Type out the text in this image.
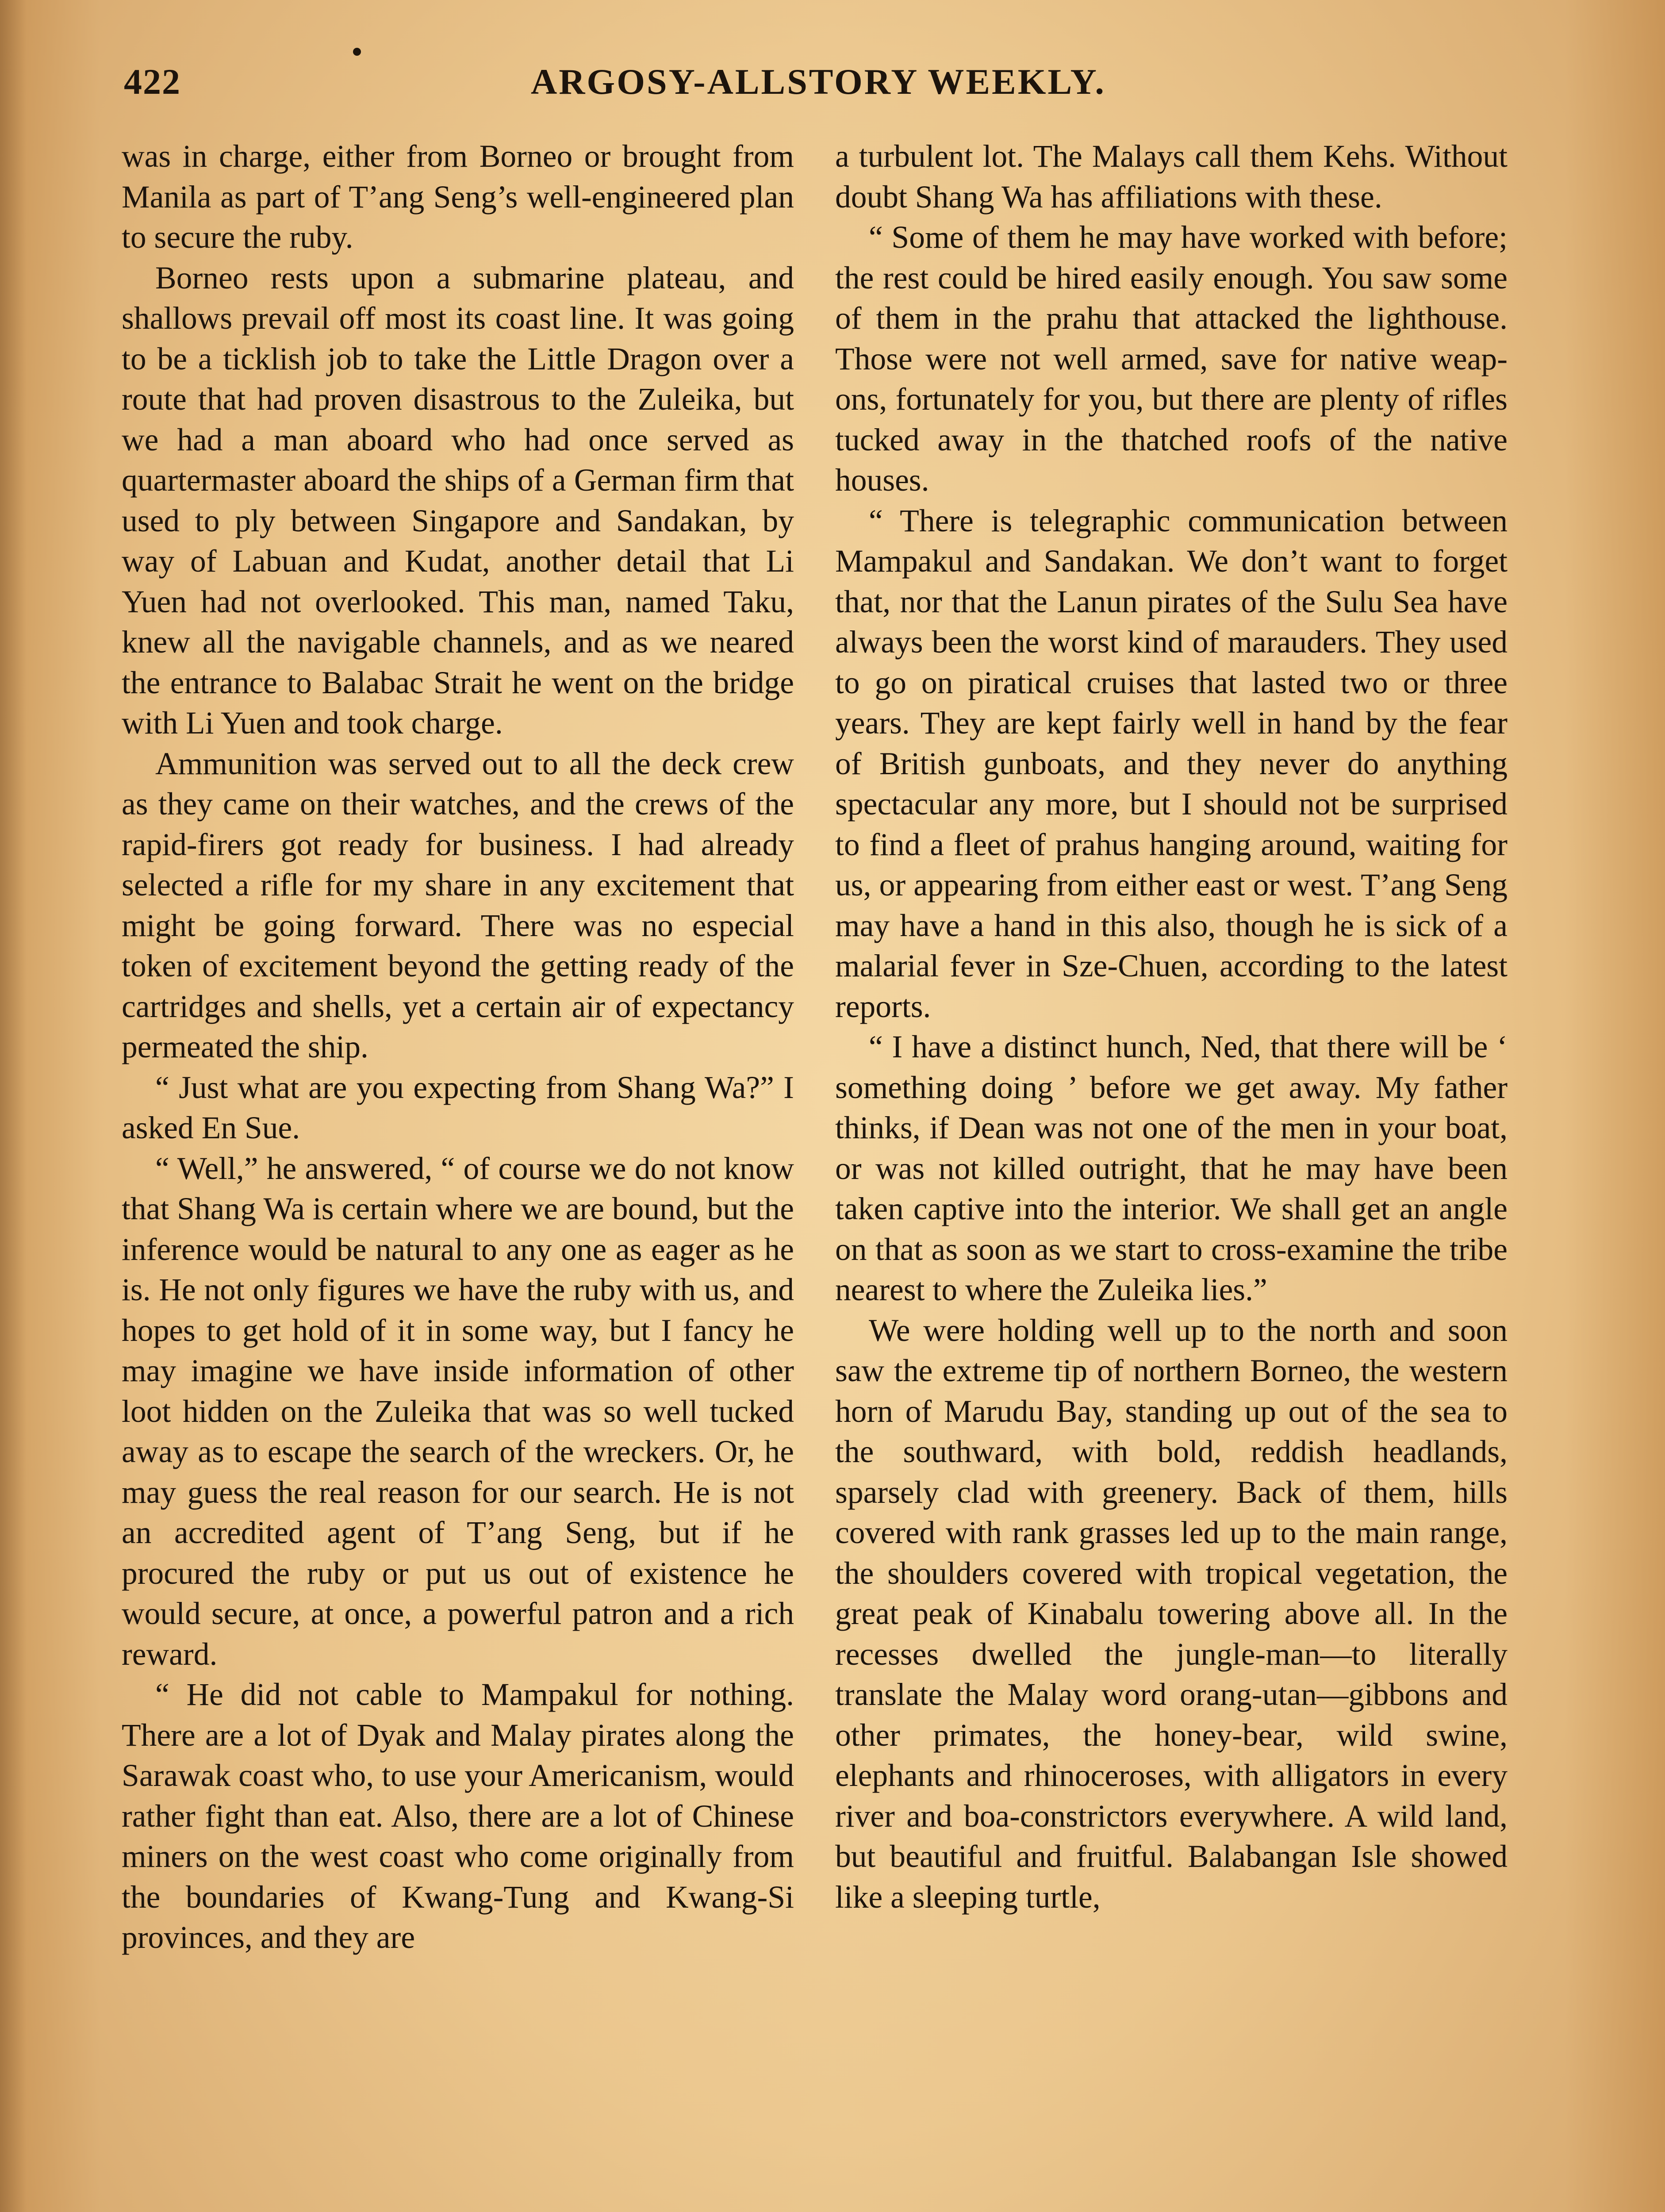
422	ARGOSY-ALLSTORY WEEKLY.

was in charge, either from Borneo or brought from Manila as part of T’ang Seng’s well-engineered plan to secure the ruby.

Borneo rests upon a submarine plateau, and shallows prevail off most its coast line. It was going to be a ticklish job to take the Little Dragon over a route that had proven disastrous to the Zuleika, but we had a man aboard who had once served as quartermaster aboard the ships of a German firm that used to ply between Singapore and Sandakan, by way of Labuan and Kudat, another detail that Li Yuen had not overlooked. This man, named Taku, knew all the navigable channels, and as we neared the entrance to Balabac Strait he went on the bridge with Li Yuen and took charge.

Ammunition was served out to all the deck crew as they came on their watches, and the crews of the rapid-firers got ready for business. I had already selected a rifle for my share in any excitement that might be going forward. There was no especial token of excitement beyond the getting ready of the cartridges and shells, yet a certain air of expectancy permeated the ship.

“ Just what are you expecting from Shang Wa?” I asked En Sue.

“ Well,” he answered, “ of course we do not know that Shang Wa is certain where we are bound, but the inference would be natural to any one as eager as he is. He not only figures we have the ruby with us, and hopes to get hold of it in some way, but I fancy he may imagine we have inside information of other loot hidden on the Zuleika that was so well tucked away as to escape the search of the wreckers. Or, he may guess the real reason for our search. He is not an accredited agent of T’ang Seng, but if he procured the ruby or put us out of existence he would secure, at once, a powerful patron and a rich reward.

“ He did not cable to Mampakul for nothing. There are a lot of Dyak and Malay pirates along the Sarawak coast who, to use your Americanism, would rather fight than eat. Also, there are a lot of Chinese miners on the west coast who come originally from the boundaries of Kwang-Tung and Kwang-Si provinces, and they are

a turbulent lot. The Malays call them Kehs. Without doubt Shang Wa has affiliations with these.

“ Some of them he may have worked with before; the rest could be hired easily enough. You saw some of them in the prahu that attacked the lighthouse. Those were not well armed, save for native weapons, fortunately for you, but there are plenty of rifles tucked away in the thatched roofs of the native houses.

“ There is telegraphic communication between Mampakul and Sandakan. We don’t want to forget that, nor that the Lanun pirates of the Sulu Sea have always been the worst kind of marauders. They used to go on piratical cruises that lasted two or three years. They are kept fairly well in hand by the fear of British gunboats, and they never do anything spectacular any more, but I should not be surprised to find a fleet of prahus hanging around, waiting for us, or appearing from either east or west. T’ang Seng may have a hand in this also, though he is sick of a malarial fever in Sze-Chuen, according to the latest reports.

“ I have a distinct hunch, Ned, that there will be ‘ something doing ’ before we get away. My father thinks, if Dean was not one of the men in your boat, or was not killed outright, that he may have been taken captive into the interior. We shall get an angle on that as soon as we start to cross-examine the tribe nearest to where the Zuleika lies.”

We were holding well up to the north and soon saw the extreme tip of northern Borneo, the western horn of Marudu Bay, standing up out of the sea to the southward, with bold, reddish headlands, sparsely clad with greenery. Back of them, hills covered with rank grasses led up to the main range, the shoulders covered with tropical vegetation, the great peak of Kinabalu towering above all. In the recesses dwelled the jungle-man—to literally translate the Malay word orang-utan—gibbons and other primates, the honey-bear, wild swine, elephants and rhinoceroses, with alligators in every river and boa-constrictors everywhere. A wild land, but beautiful and fruitful. Balabangan Isle showed like a sleeping turtle,
